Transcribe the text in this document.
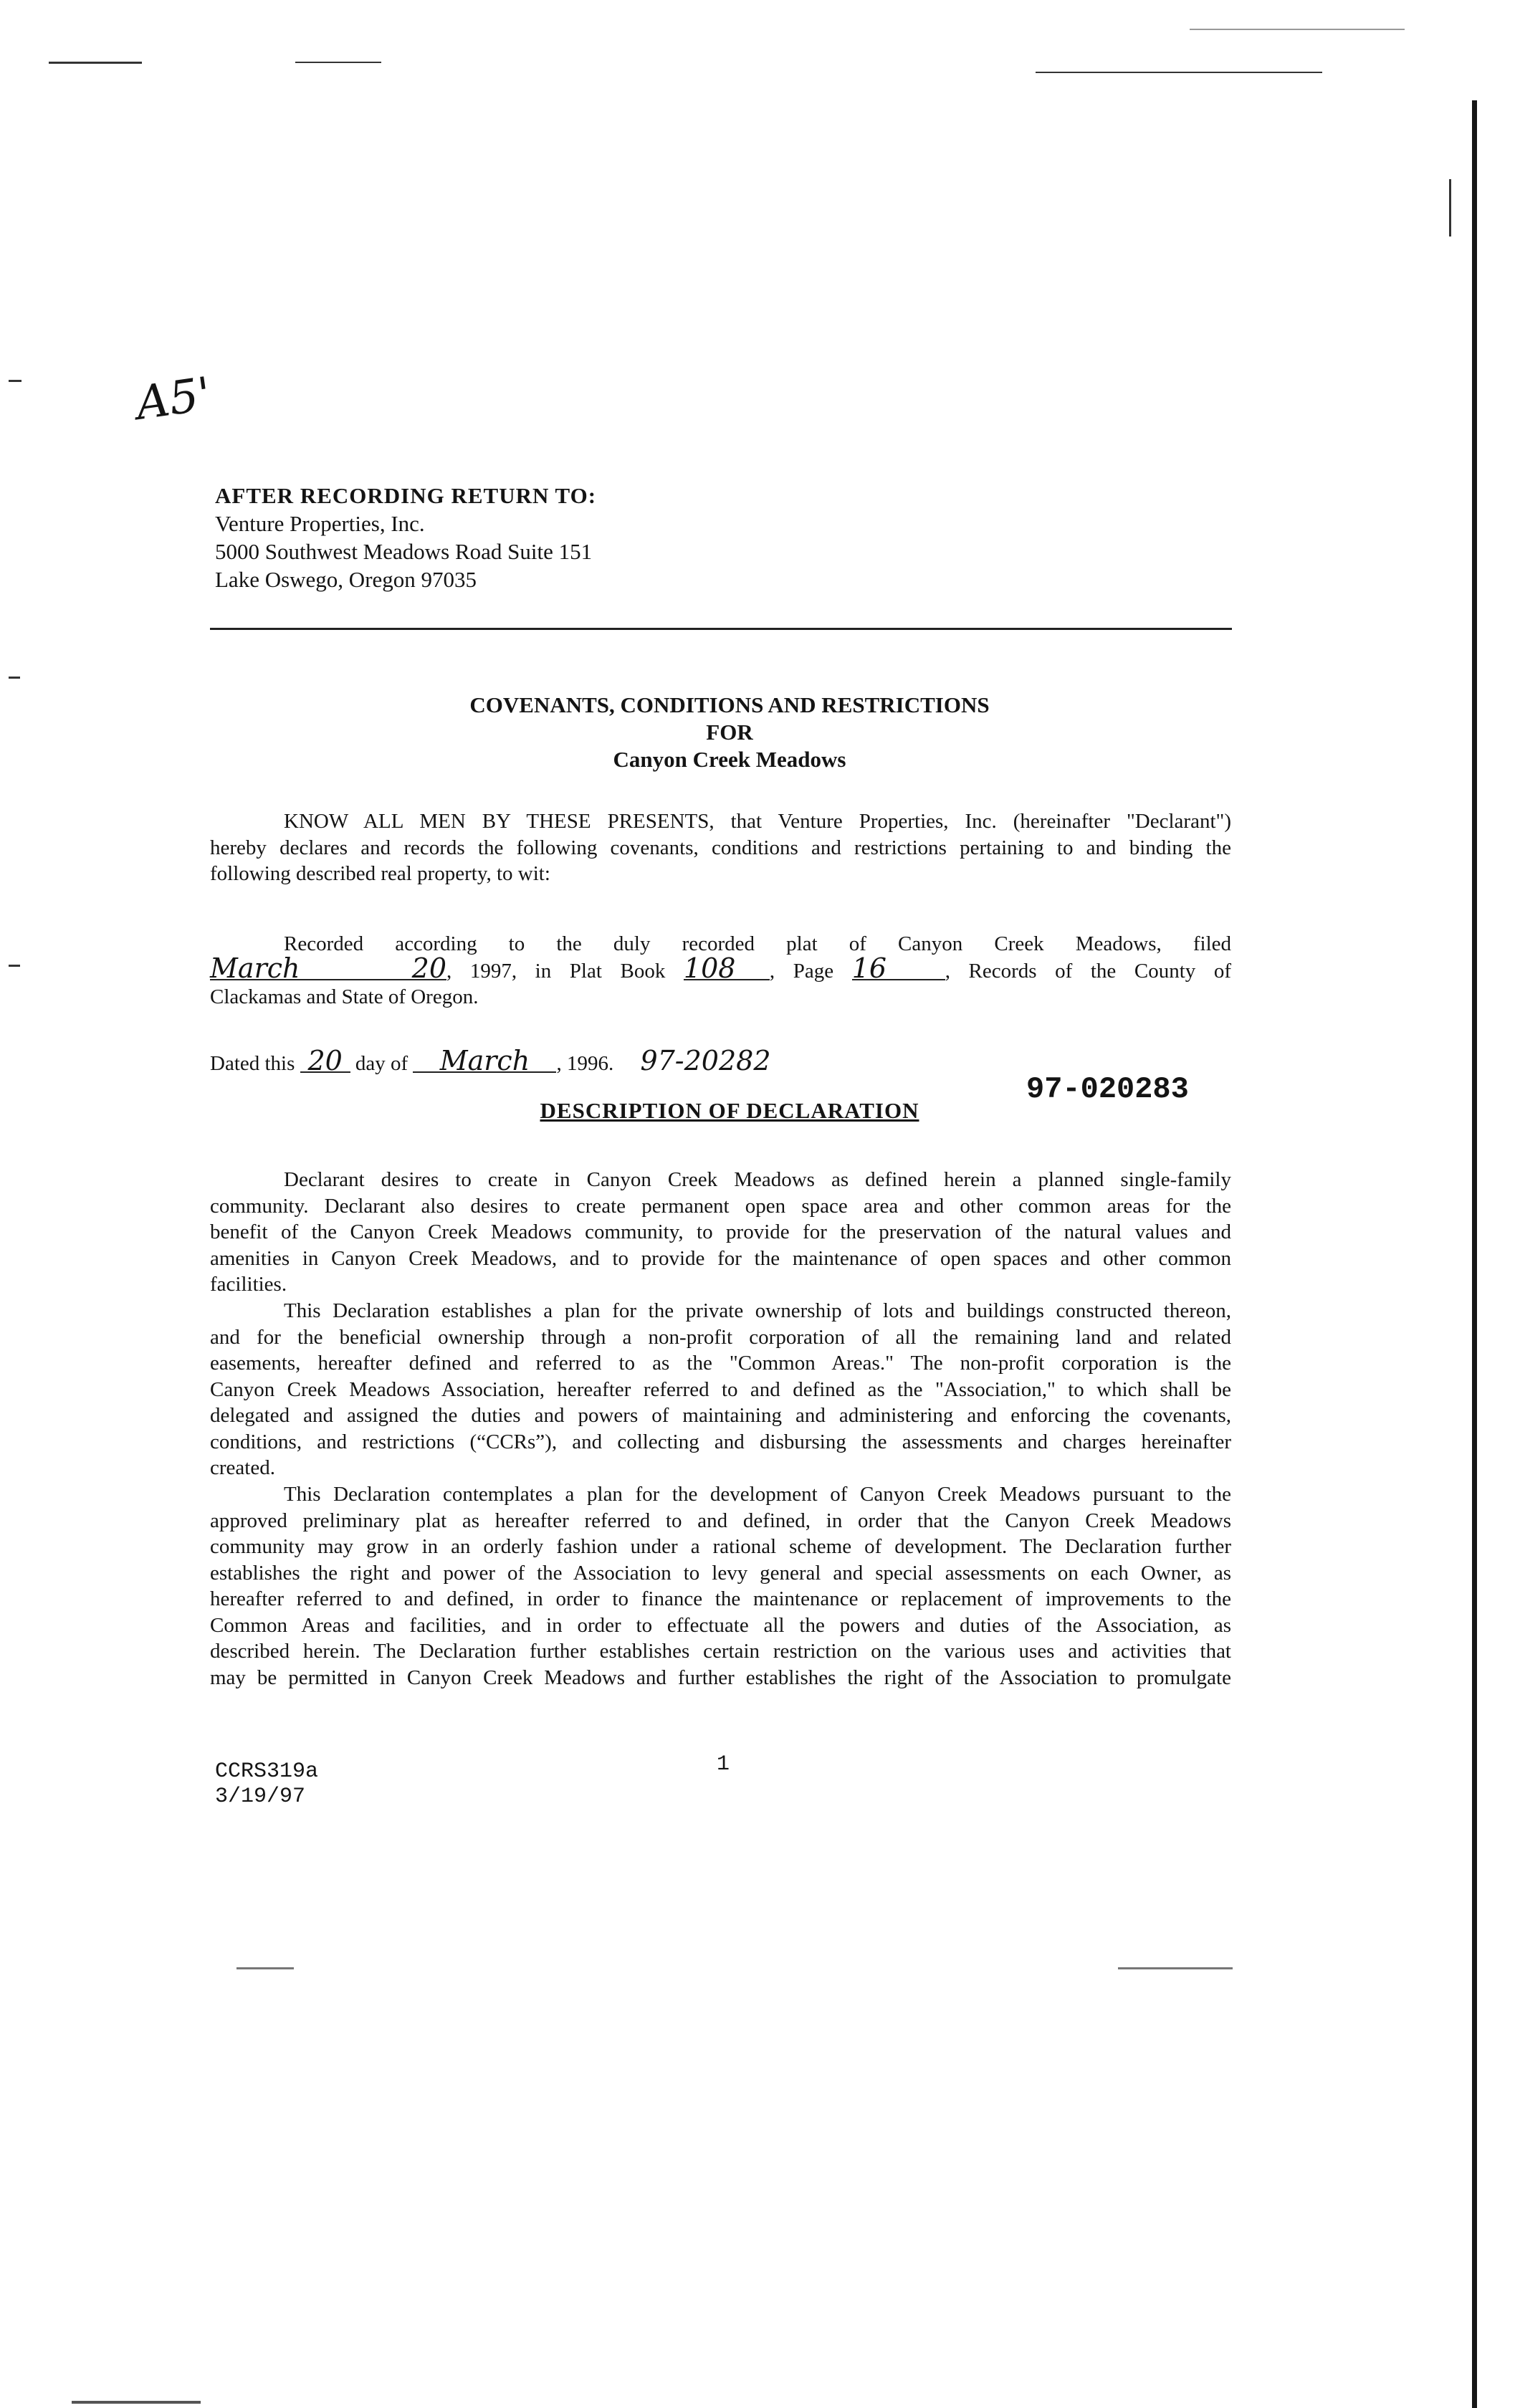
A5'
AFTER RECORDING RETURN TO:
Venture Properties, Inc.
5000 Southwest Meadows Road Suite 151
Lake Oswego, Oregon 97035
COVENANTS, CONDITIONS AND RESTRICTIONS
FOR
Canyon Creek Meadows
KNOW ALL MEN BY THESE PRESENTS, that Venture Properties, Inc. (hereinafter "Declarant")
hereby declares and records the following covenants, conditions and restrictions pertaining to and binding the
following described real property, to wit:
Recorded according to the duly recorded plat of Canyon Creek Meadows, filed
March 20, 1997, in Plat Book 108 , Page 16	, Records of the County of
Clackamas and State of Oregon.
Dated this 20 day of March , 1996. 97-20282
97-020283
DESCRIPTION OF DECLARATION
Declarant desires to create in Canyon Creek Meadows as defined herein a planned single-family
community. Declarant also desires to create permanent open space area and other common areas for the
benefit of the Canyon Creek Meadows community, to provide for the preservation of the natural values and
amenities in Canyon Creek Meadows, and to provide for the maintenance of open spaces and other common
facilities.
This Declaration establishes a plan for the private ownership of lots and buildings constructed thereon,
and for the beneficial ownership through a non-profit corporation of all the remaining land and related
easements, hereafter defined and referred to as the "Common Areas." The non-profit corporation is the
Canyon Creek Meadows Association, hereafter referred to and defined as the "Association," to which shall be
delegated and assigned the duties and powers of maintaining and administering and enforcing the covenants,
conditions, and restrictions (“CCRs”), and collecting and disbursing the assessments and charges hereinafter
created.
This Declaration contemplates a plan for the development of Canyon Creek Meadows pursuant to the
approved preliminary plat as hereafter referred to and defined, in order that the Canyon Creek Meadows
community may grow in an orderly fashion under a rational scheme of development. The Declaration further
establishes the right and power of the Association to levy general and special assessments on each Owner, as
hereafter referred to and defined, in order to finance the maintenance or replacement of improvements to the
Common Areas and facilities, and in order to effectuate all the powers and duties of the Association, as
described herein. The Declaration further establishes certain restriction on the various uses and activities that
may be permitted in Canyon Creek Meadows and further establishes the right of the Association to promulgate
CCRS319a
3/19/97
1
